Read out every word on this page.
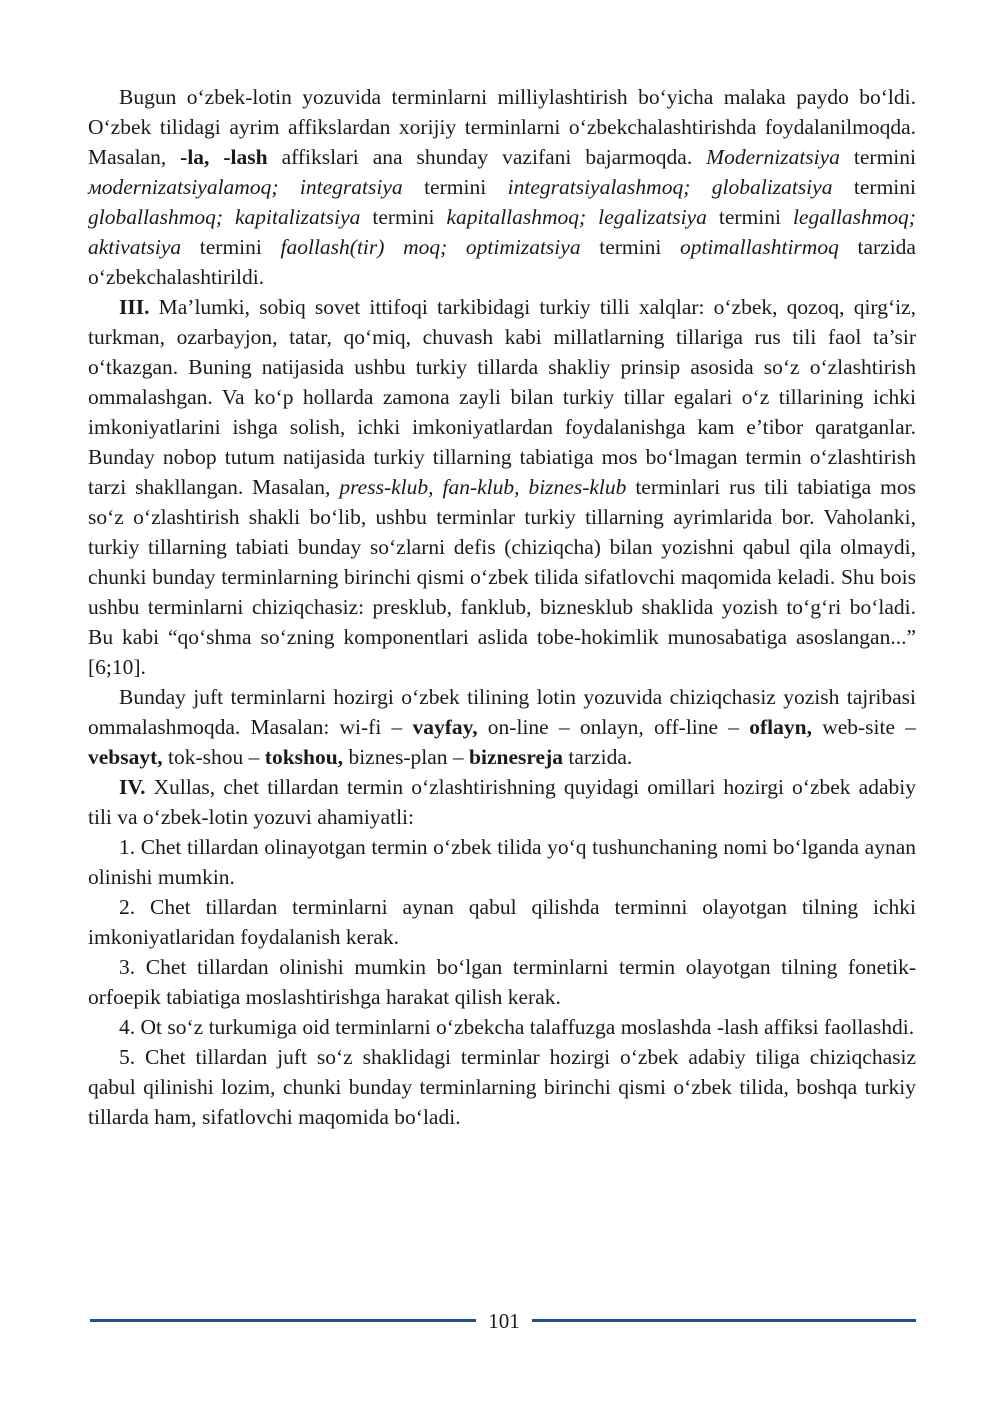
Bugun o‘zbek-lotin yozuvida terminlarni milliylashtirish bo‘yicha malaka paydo bo‘ldi. O‘zbek tilidagi ayrim affikslardan xorijiy terminlarni o‘zbekchalashtirishda foydalanilmoqda. Masalan, -la, -lash affikslari ana shunday vazifani bajarmoqda. Modernizatsiya termini мodernizatsiyalamoq; integratsiya termini integratsiyalashmoq; globalizatsiya termini globallashmoq; kapitalizatsiya termini kapitallashmoq; legalizatsiya termini legallashmoq; aktivatsiya termini faollash(tir) moq; optimizatsiya termini optimallashtirmoq tarzida o‘zbekchalashtirildi.

III. Ma’lumki, sobiq sovet ittifoqi tarkibidagi turkiy tilli xalqlar: o‘zbek, qozoq, qirg‘iz, turkman, ozarbayjon, tatar, qo‘miq, chuvash kabi millatlarning tillariga rus tili faol ta’sir o‘tkazgan. Buning natijasida ushbu turkiy tillarda shakliy prinsip asosida so‘z o‘zlashtirish ommalashgan. Va ko‘p hollarda zamona zayli bilan turkiy tillar egalari o‘z tillarining ichki imkoniyatlarini ishga solish, ichki imkoniyatlardan foydalanishga kam e’tibor qaratganlar. Bunday nobop tutum natijasida turkiy tillarning tabiatiga mos bo‘lmagan termin o‘zlashtirish tarzi shakllangan. Masalan, press-klub, fan-klub, biznes-klub terminlari rus tili tabiatiga mos so‘z o‘zlashtirish shakli bo‘lib, ushbu terminlar turkiy tillarning ayrimlarida bor. Vaholanki, turkiy tillarning tabiati bunday so‘zlarni defis (chiziqcha) bilan yozishni qabul qila olmaydi, chunki bunday terminlarning birinchi qismi o‘zbek tilida sifatlovchi maqomida keladi. Shu bois ushbu terminlarni chiziqchasiz: presklub, fanklub, biznesklub shaklida yozish to‘g‘ri bo‘ladi. Bu kabi “qo‘shma so‘zning komponentlari aslida tobe-hokimlik munosabatiga asoslangan...” [6;10].

Bunday juft terminlarni hozirgi o‘zbek tilining lotin yozuvida chiziqchasiz yozish tajribasi ommalashmoqda. Masalan: wi-fi – vayfay, on-line – onlayn, off-line – oflayn, web-site – vebsayt, tok-shou – tokshou, biznes-plan – biznesreja tarzida.

IV. Xullas, chet tillardan termin o‘zlashtirishning quyidagi omillari hozirgi o‘zbek adabiy tili va o‘zbek-lotin yozuvi ahamiyatli:

1. Chet tillardan olinayotgan termin o‘zbek tilida yo‘q tushunchaning nomi bo‘lganda aynan olinishi mumkin.

2. Chet tillardan terminlarni aynan qabul qilishda terminni olayotgan tilning ichki imkoniyatlaridan foydalanish kerak.

3. Chet tillardan olinishi mumkin bo‘lgan terminlarni termin olayotgan tilning fonetik-orfoepik tabiatiga moslashtirishga harakat qilish kerak.

4. Ot so‘z turkumiga oid terminlarni o‘zbekcha talaffuzga moslashda -lash affiksi faollashdi.

5. Chet tillardan juft so‘z shaklidagi terminlar hozirgi o‘zbek adabiy tiliga chiziqchasiz qabul qilinishi lozim, chunki bunday terminlarning birinchi qismi o‘zbek tilida, boshqa turkiy tillarda ham, sifatlovchi maqomida bo‘ladi.

101
